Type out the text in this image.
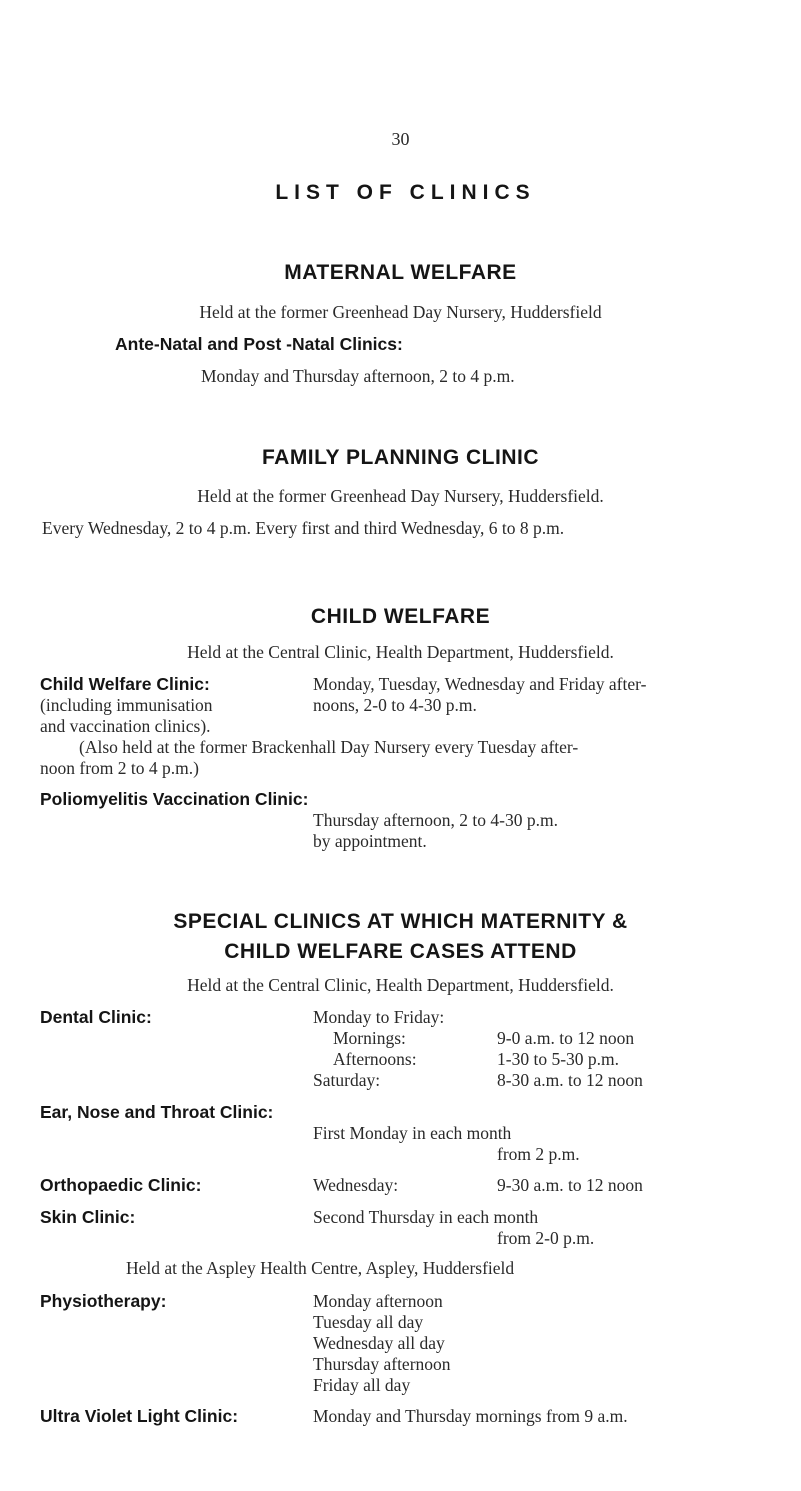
30
LIST OF CLINICS
MATERNAL WELFARE
Held at the former Greenhead Day Nursery, Huddersfield
Ante-Natal and Post -Natal Clinics:
Monday and Thursday afternoon, 2 to 4 p.m.
FAMILY PLANNING CLINIC
Held at the former Greenhead Day Nursery, Huddersfield.
Every Wednesday, 2 to 4 p.m. Every first and third Wednesday, 6 to 8 p.m.
CHILD WELFARE
Held at the Central Clinic, Health Department, Huddersfield.
Child Welfare Clinic:	Monday, Tuesday, Wednesday and Friday after-
(including immunisation	noons, 2-0 to 4-30 p.m.
and vaccination clinics).
(Also held at the former Brackenhall Day Nursery every Tuesday after-
noon from 2 to 4 p.m.)
Poliomyelitis Vaccination Clinic:
Thursday afternoon, 2 to 4-30 p.m.
by appointment.
SPECIAL CLINICS AT WHICH MATERNITY &
CHILD WELFARE CASES ATTEND
Held at the Central Clinic, Health Department, Huddersfield.
Dental Clinic:	Monday to Friday:
Mornings:	9-0 a.m. to 12 noon
Afternoons:	1-30 to 5-30 p.m.
Saturday:	8-30 a.m. to 12 noon
Ear, Nose and Throat Clinic:
First Monday in each month
from 2 p.m.
Orthopaedic Clinic:	Wednesday:	9-30 a.m. to 12 noon
Skin Clinic:	Second Thursday in each month
from 2-0 p.m.
Held at the Aspley Health Centre, Aspley, Huddersfield
Physiotherapy:	Monday afternoon
Tuesday all day
Wednesday all day
Thursday afternoon
Friday all day
Ultra Violet Light Clinic:	Monday and Thursday mornings from 9 a.m.
